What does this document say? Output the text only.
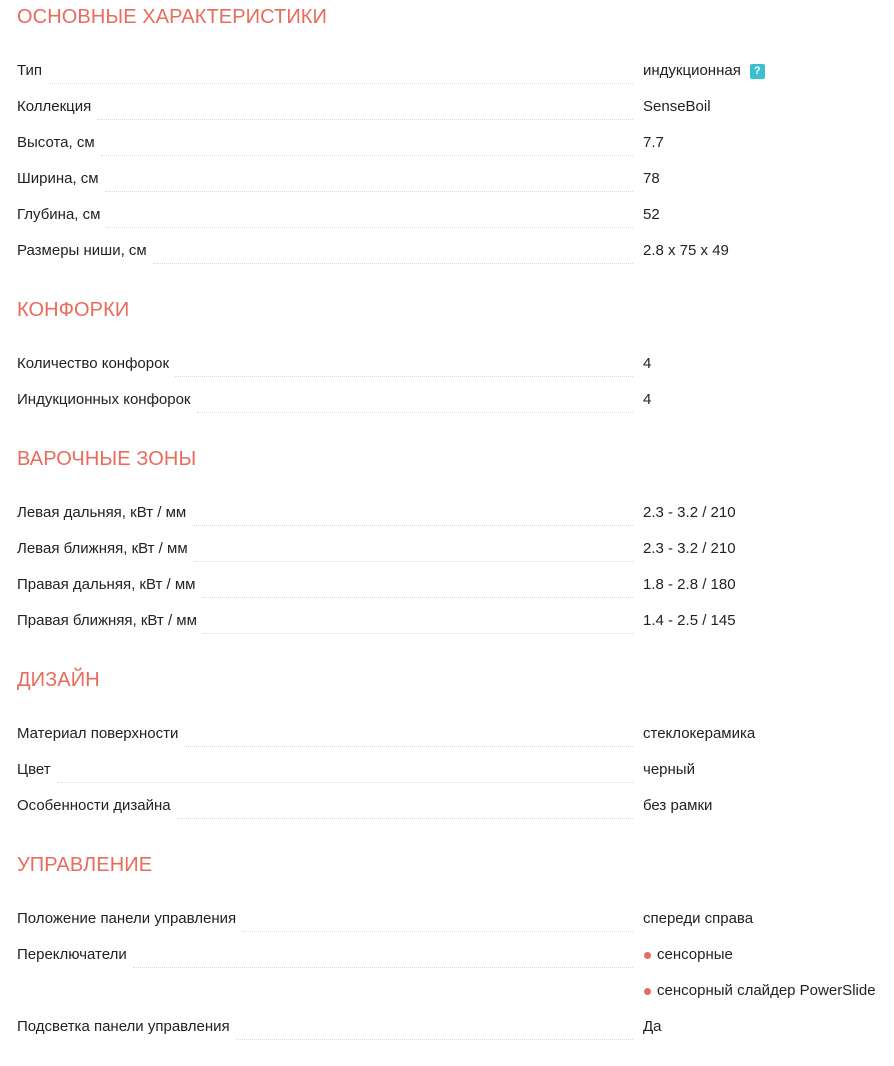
ОСНОВНЫЕ ХАРАКТЕРИСТИКИ
Тип	индукционная	?
Коллекция	SenseBoil
Высота, см	7.7
Ширина, см	78
Глубина, см	52
Размеры ниши, см	2.8 x 75 x 49
КОНФОРКИ
Количество конфорок	4
Индукционных конфорок	4
ВАРОЧНЫЕ ЗОНЫ
Левая дальняя, кВт / мм	2.3 - 3.2 / 210
Левая ближняя, кВт / мм	2.3 - 3.2 / 210
Правая дальняя, кВт / мм	1.8 - 2.8 / 180
Правая ближняя, кВт / мм	1.4 - 2.5 / 145
ДИЗАЙН
Материал поверхности	стеклокерамика
Цвет	черный
Особенности дизайна	без рамки
УПРАВЛЕНИЕ
Положение панели управления	спереди справа
Переключатели	сенсорные
сенсорный слайдер PowerSlide
Подсветка панели управления	Да
